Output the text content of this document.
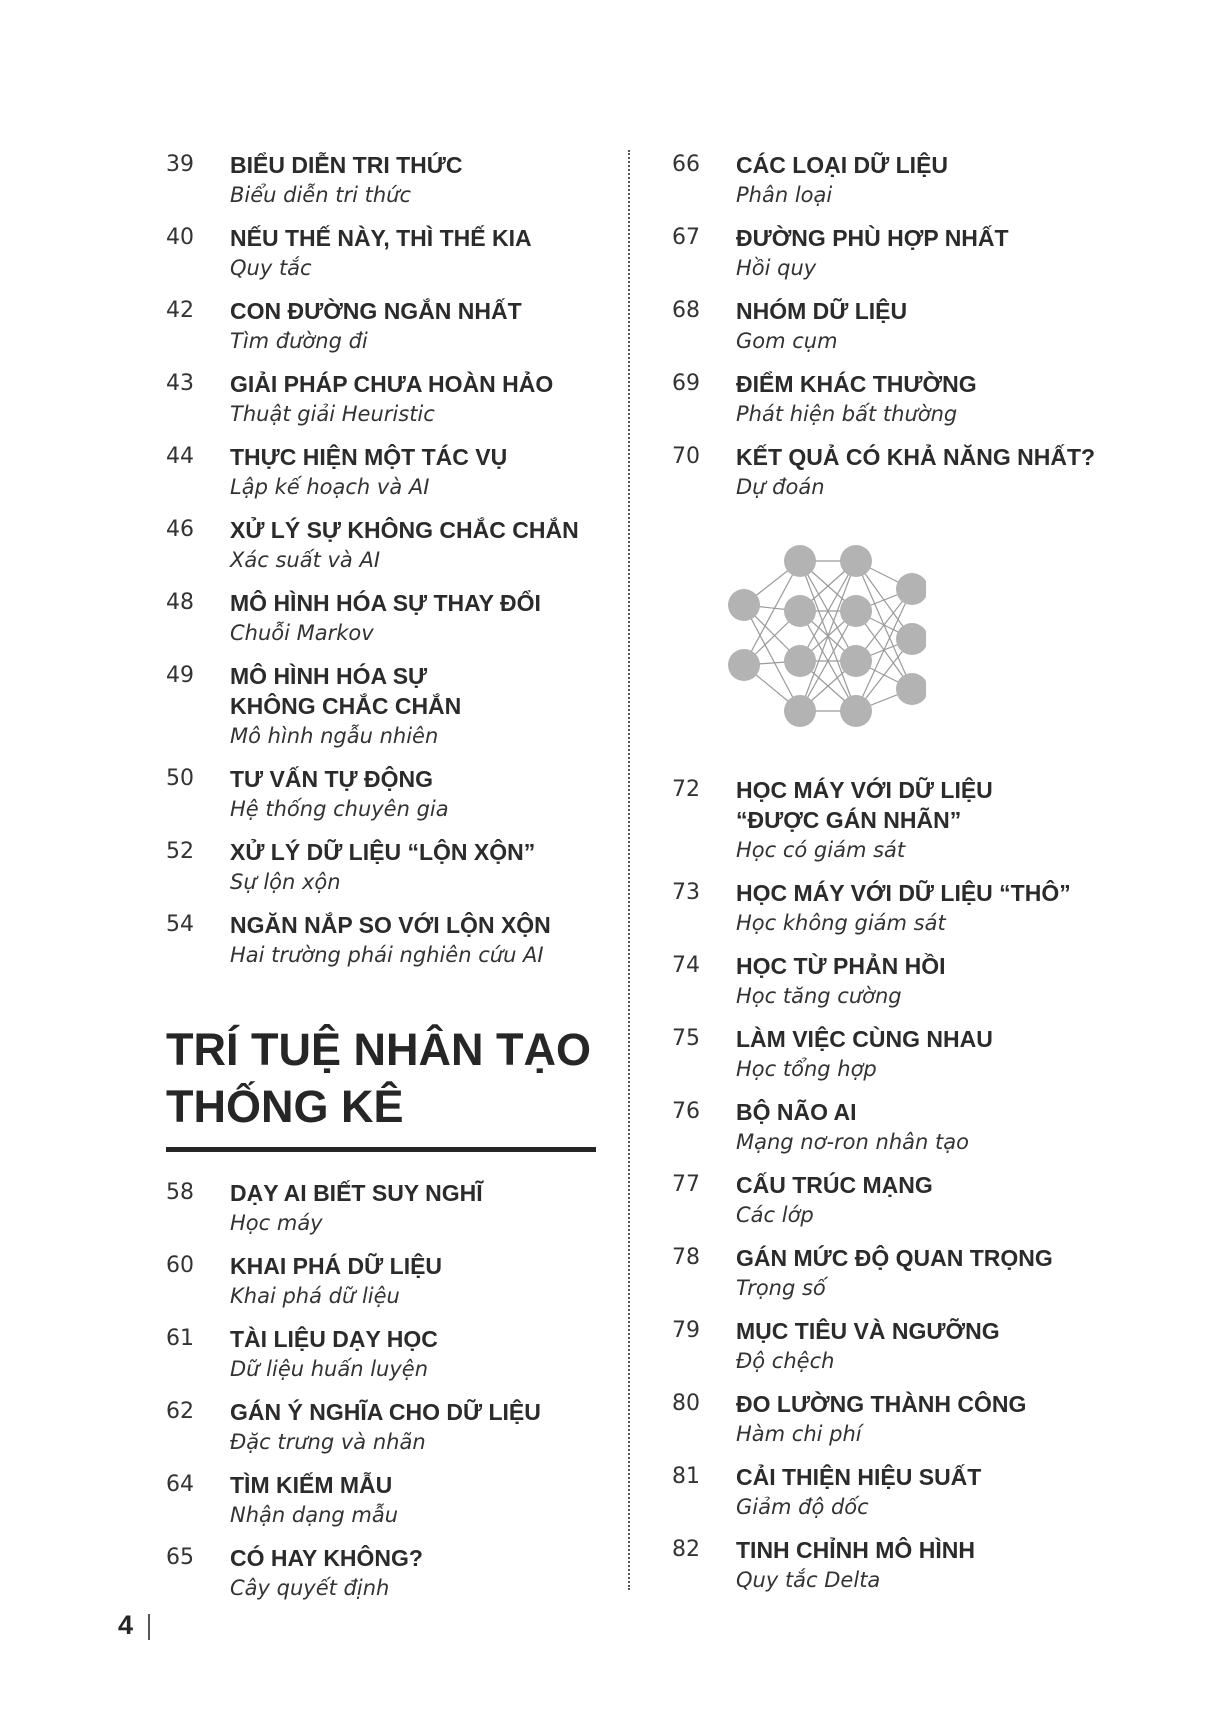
39 BIỂU DIỄN TRI THỨC
Biểu diễn tri thức
40 NẾU THẾ NÀY, THÌ THẾ KIA
Quy tắc
42 CON ĐƯỜNG NGẮN NHẤT
Tìm đường đi
43 GIẢI PHÁP CHƯA HOÀN HẢO
Thuật giải Heuristic
44 THỰC HIỆN MỘT TÁC VỤ
Lập kế hoạch và AI
46 XỬ LÝ SỰ KHÔNG CHẮC CHẮN
Xác suất và AI
48 MÔ HÌNH HÓA SỰ THAY ĐỔI
Chuỗi Markov
49 MÔ HÌNH HÓA SỰ
KHÔNG CHẮC CHẮN
Mô hình ngẫu nhiên
50 TƯ VẤN TỰ ĐỘNG
Hệ thống chuyên gia
52 XỬ LÝ DỮ LIỆU “LỘN XỘN”
Sự lộn xộn
54 NGĂN NẮP SO VỚI LỘN XỘN
Hai trường phái nghiên cứu AI
TRÍ TUỆ NHÂN TẠO
THỐNG KÊ
58 DẠY AI BIẾT SUY NGHĨ
Học máy
60 KHAI PHÁ DỮ LIỆU
Khai phá dữ liệu
61 TÀI LIỆU DẠY HỌC
Dữ liệu huấn luyện
62 GÁN Ý NGHĨA CHO DỮ LIỆU
Đặc trưng và nhãn
64 TÌM KIẾM MẪU
Nhận dạng mẫu
65 CÓ HAY KHÔNG?
Cây quyết định
66 CÁC LOẠI DỮ LIỆU
Phân loại
67 ĐƯỜNG PHÙ HỢP NHẤT
Hồi quy
68 NHÓM DỮ LIỆU
Gom cụm
69 ĐIỂM KHÁC THƯỜNG
Phát hiện bất thường
70 KẾT QUẢ CÓ KHẢ NĂNG NHẤT?
Dự đoán
72 HỌC MÁY VỚI DỮ LIỆU
“ĐƯỢC GÁN NHÃN”
Học có giám sát
73 HỌC MÁY VỚI DỮ LIỆU “THÔ”
Học không giám sát
74 HỌC TỪ PHẢN HỒI
Học tăng cường
75 LÀM VIỆC CÙNG NHAU
Học tổng hợp
76 BỘ NÃO AI
Mạng nơ-ron nhân tạo
77 CẤU TRÚC MẠNG
Các lớp
78 GÁN MỨC ĐỘ QUAN TRỌNG
Trọng số
79 MỤC TIÊU VÀ NGƯỠNG
Độ chệch
80 ĐO LƯỜNG THÀNH CÔNG
Hàm chi phí
81 CẢI THIỆN HIỆU SUẤT
Giảm độ dốc
82 TINH CHỈNH MÔ HÌNH
Quy tắc Delta
4
